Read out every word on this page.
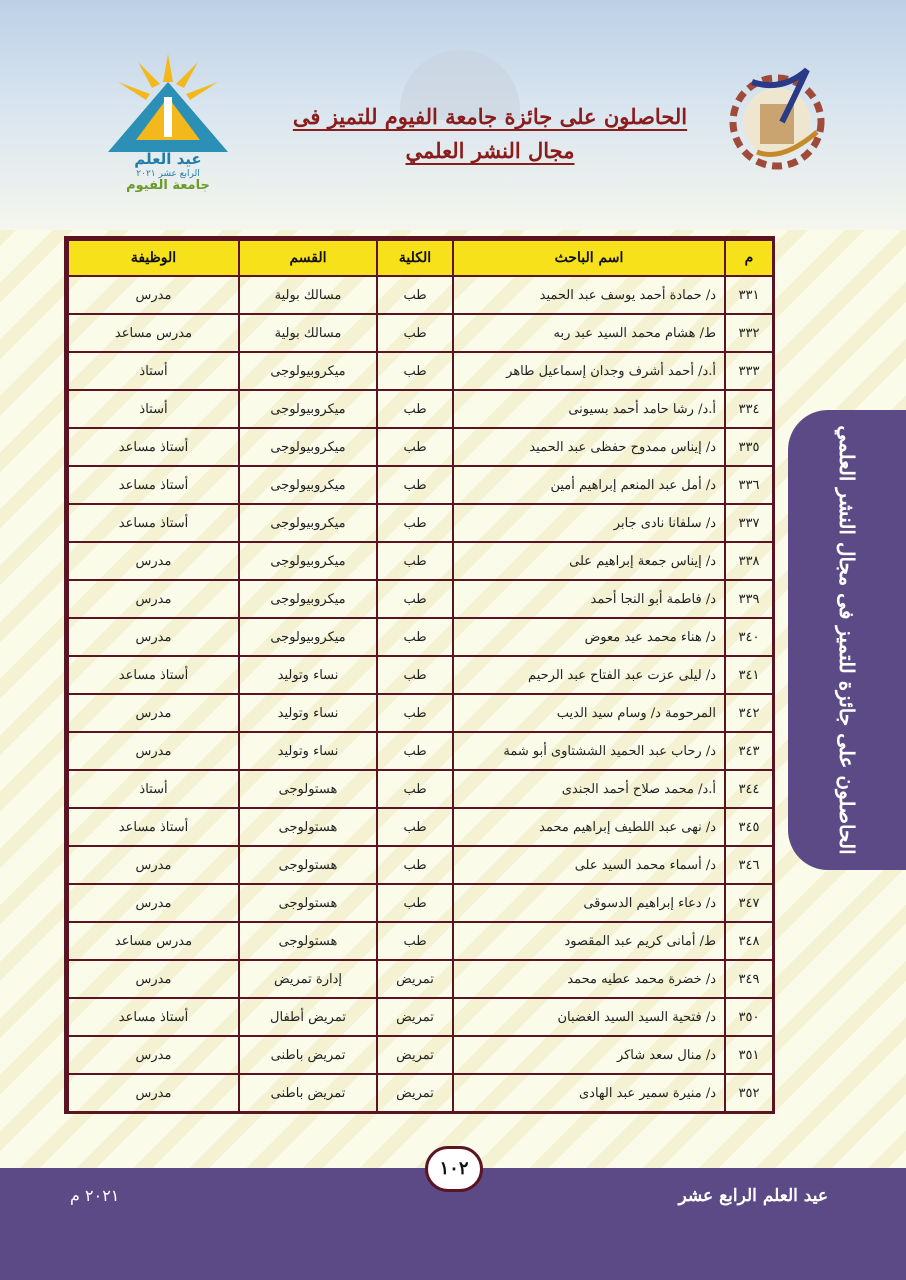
عيد العلم
الرابع عشر ٢٠٢١
جامعة الفيوم
الحاصلون على جائزة جامعة الفيوم للتميز فى
مجال النشر العلمي
م	اسم الباحث	الكلية	القسم	الوظيفة
٣٣١	د/ حمادة أحمد يوسف عبد الحميد	طب	مسالك بولية	مدرس
٣٣٢	ط/ هشام محمد السيد عبد ربه	طب	مسالك بولية	مدرس مساعد
٣٣٣	أ.د/ أحمد أشرف وجدان إسماعيل طاهر	طب	ميكروبيولوجى	أستاذ
٣٣٤	أ.د/ رشا حامد أحمد بسيونى	طب	ميكروبيولوجى	أستاذ
٣٣٥	د/ إيناس ممدوح حفظى عبد الحميد	طب	ميكروبيولوجى	أستاذ مساعد
٣٣٦	د/ أمل عبد المنعم إبراهيم أمين	طب	ميكروبيولوجى	أستاذ مساعد
٣٣٧	د/ سلفانا نادى جابر	طب	ميكروبيولوجى	أستاذ مساعد
٣٣٨	د/ إيناس جمعة إبراهيم على	طب	ميكروبيولوجى	مدرس
٣٣٩	د/ فاطمة أبو النجا أحمد	طب	ميكروبيولوجى	مدرس
٣٤٠	د/ هناء محمد عيد معوض	طب	ميكروبيولوجى	مدرس
٣٤١	د/ ليلى عزت عبد الفتاح عبد الرحيم	طب	نساء وتوليد	أستاذ مساعد
٣٤٢	المرحومة د/ وسام سيد الديب	طب	نساء وتوليد	مدرس
٣٤٣	د/ رحاب عبد الحميد الششتاوى أبو شمة	طب	نساء وتوليد	مدرس
٣٤٤	أ.د/ محمد صلاح أحمد الجندى	طب	هستولوجى	أستاذ
٣٤٥	د/ نهى عبد اللطيف إبراهيم محمد	طب	هستولوجى	أستاذ مساعد
٣٤٦	د/ أسماء محمد السيد على	طب	هستولوجى	مدرس
٣٤٧	د/ دعاء إبراهيم الدسوقى	طب	هستولوجى	مدرس
٣٤٨	ط/ أمانى كريم عبد المقصود	طب	هستولوجى	مدرس مساعد
٣٤٩	د/ خضرة محمد عطيه محمد	تمريض	إدارة تمريض	مدرس
٣٥٠	د/ فتحية السيد السيد الغضبان	تمريض	تمريض أطفال	أستاذ مساعد
٣٥١	د/ منال سعد شاكر	تمريض	تمريض باطنى	مدرس
٣٥٢	د/ منيرة سمير عبد الهادى	تمريض	تمريض باطنى	مدرس
الحاصلون على جائزة للتميز فى مجال النشر العلمي
٢٠٢١ م	عيد العلم الرابع عشر
١٠٢
